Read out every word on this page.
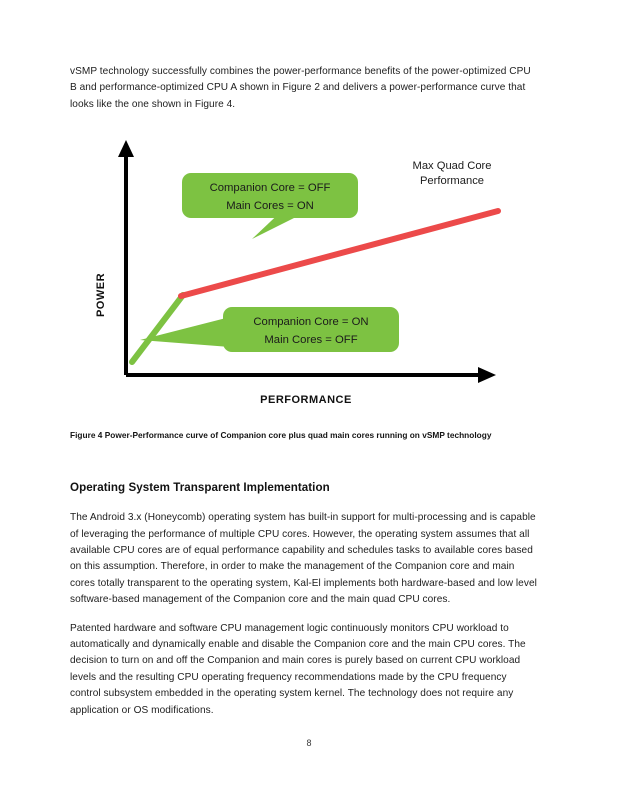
vSMP technology successfully combines the power-performance benefits of the power-optimized CPU B and performance-optimized CPU A shown in Figure 2 and delivers a power-performance curve that looks like the one shown in Figure 4.

POWER
PERFORMANCE
Max Quad Core
Performance
Companion Core = OFF
Main Cores = ON
Companion Core = ON
Main Cores = OFF
Figure 4 Power-Performance curve of Companion core plus quad main cores running on vSMP technology
Operating System Transparent Implementation

The Android 3.x (Honeycomb) operating system has built-in support for multi-processing and is capable of leveraging the performance of multiple CPU cores. However, the operating system assumes that all available CPU cores are of equal performance capability and schedules tasks to available cores based on this assumption. Therefore, in order to make the management of the Companion core and main cores totally transparent to the operating system, Kal-El implements both hardware-based and low level software-based management of the Companion core and the main quad CPU cores.

Patented hardware and software CPU management logic continuously monitors CPU workload to automatically and dynamically enable and disable the Companion core and the main CPU cores. The decision to turn on and off the Companion and main cores is purely based on current CPU workload levels and the resulting CPU operating frequency recommendations made by the CPU frequency control subsystem embedded in the operating system kernel. The technology does not require any application or OS modifications.

8
